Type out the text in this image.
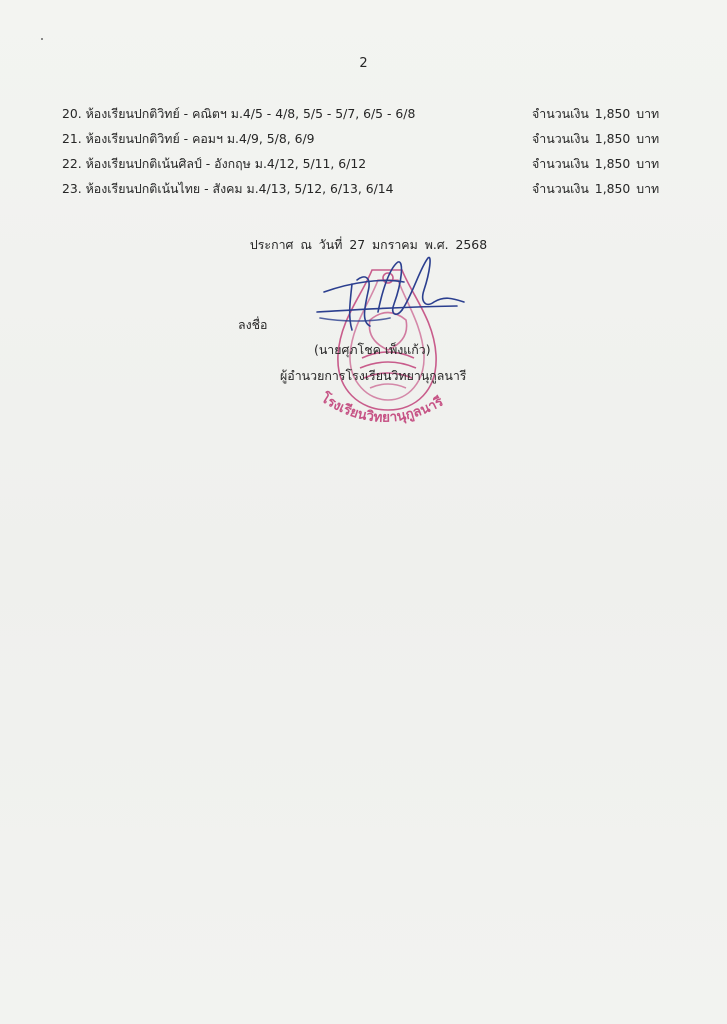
2
20. ห้องเรียนปกติวิทย์ - คณิตฯ ม.4/5 - 4/8, 5/5 - 5/7, 6/5 - 6/8	จำนวนเงิน 1,850 บาท
21. ห้องเรียนปกติวิทย์ - คอมฯ ม.4/9, 5/8, 6/9	จำนวนเงิน 1,850 บาท
22. ห้องเรียนปกติเน้นศิลป์ - อังกฤษ ม.4/12, 5/11, 6/12	จำนวนเงิน 1,850 บาท
23. ห้องเรียนปกติเน้นไทย - สังคม ม.4/13, 5/12, 6/13, 6/14	จำนวนเงิน 1,850 บาท
ประกาศ ณ วันที่ 27 มกราคม พ.ศ. 2568
โรงเรียนวิทยานุกูลนารี
ลงชื่อ
(นายศุภโชค เพ็งแก้ว)
ผู้อำนวยการโรงเรียนวิทยานุกูลนารี
